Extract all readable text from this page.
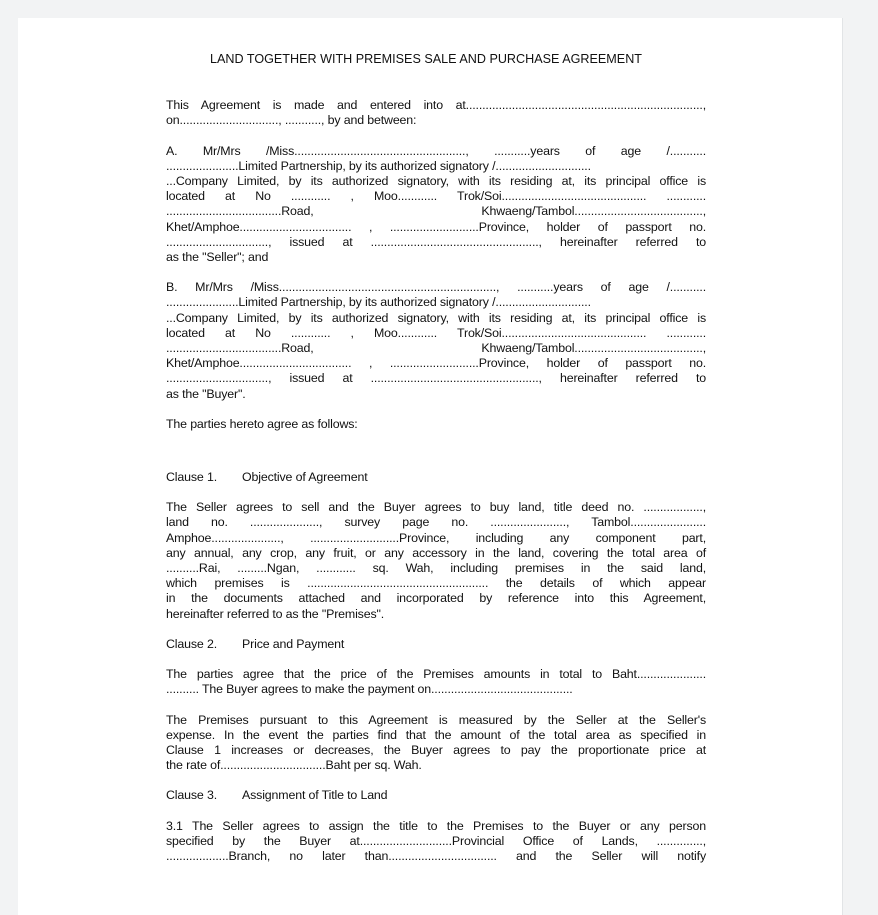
LAND TOGETHER WITH PREMISES SALE AND PURCHASE AGREEMENT

This Agreement is made and entered into at........................................................................,
on.............................., ..........., by and between:

A. Mr/Mrs /Miss...................................................., ...........years of age /...........
......................Limited Partnership, by its authorized signatory /.............................
...Company Limited, by its authorized signatory, with its residing at, its principal office is
located at No ............ , Moo............ Trok/Soi............................................ ............
...................................Road, Khwaeng/Tambol.......................................,
Khet/Amphoe.................................. , ...........................Province, holder of passport no.
..............................., issued at ..................................................., hereinafter referred to
as the "Seller"; and

B. Mr/Mrs /Miss.................................................................., ...........years of age /...........
......................Limited Partnership, by its authorized signatory /.............................
...Company Limited, by its authorized signatory, with its residing at, its principal office is
located at No ............ , Moo............ Trok/Soi............................................ ............
...................................Road, Khwaeng/Tambol.......................................,
Khet/Amphoe.................................. , ...........................Province, holder of passport no.
..............................., issued at ..................................................., hereinafter referred to
as the "Buyer".

The parties hereto agree as follows:

Clause 1. Objective of Agreement

The Seller agrees to sell and the Buyer agrees to buy land, title deed no. ..................,
land no. ....................., survey page no. ......................., Tambol.......................
Amphoe....................., ...........................Province, including any component part,
any annual, any crop, any fruit, or any accessory in the land, covering the total area of
..........Rai, .........Ngan, ............ sq. Wah, including premises in the said land,
which premises is ....................................................... the details of which appear
in the documents attached and incorporated by reference into this Agreement,
hereinafter referred to as the "Premises".

Clause 2. Price and Payment

The parties agree that the price of the Premises amounts in total to Baht.....................
.......... The Buyer agrees to make the payment on...........................................

The Premises pursuant to this Agreement is measured by the Seller at the Seller's
expense. In the event the parties find that the amount of the total area as specified in
Clause 1 increases or decreases, the Buyer agrees to pay the proportionate price at
the rate of................................Baht per sq. Wah.

Clause 3. Assignment of Title to Land

3.1 The Seller agrees to assign the title to the Premises to the Buyer or any person
specified by the Buyer at............................Provincial Office of Lands, ..............,
...................Branch, no later than................................. and the Seller will notify
